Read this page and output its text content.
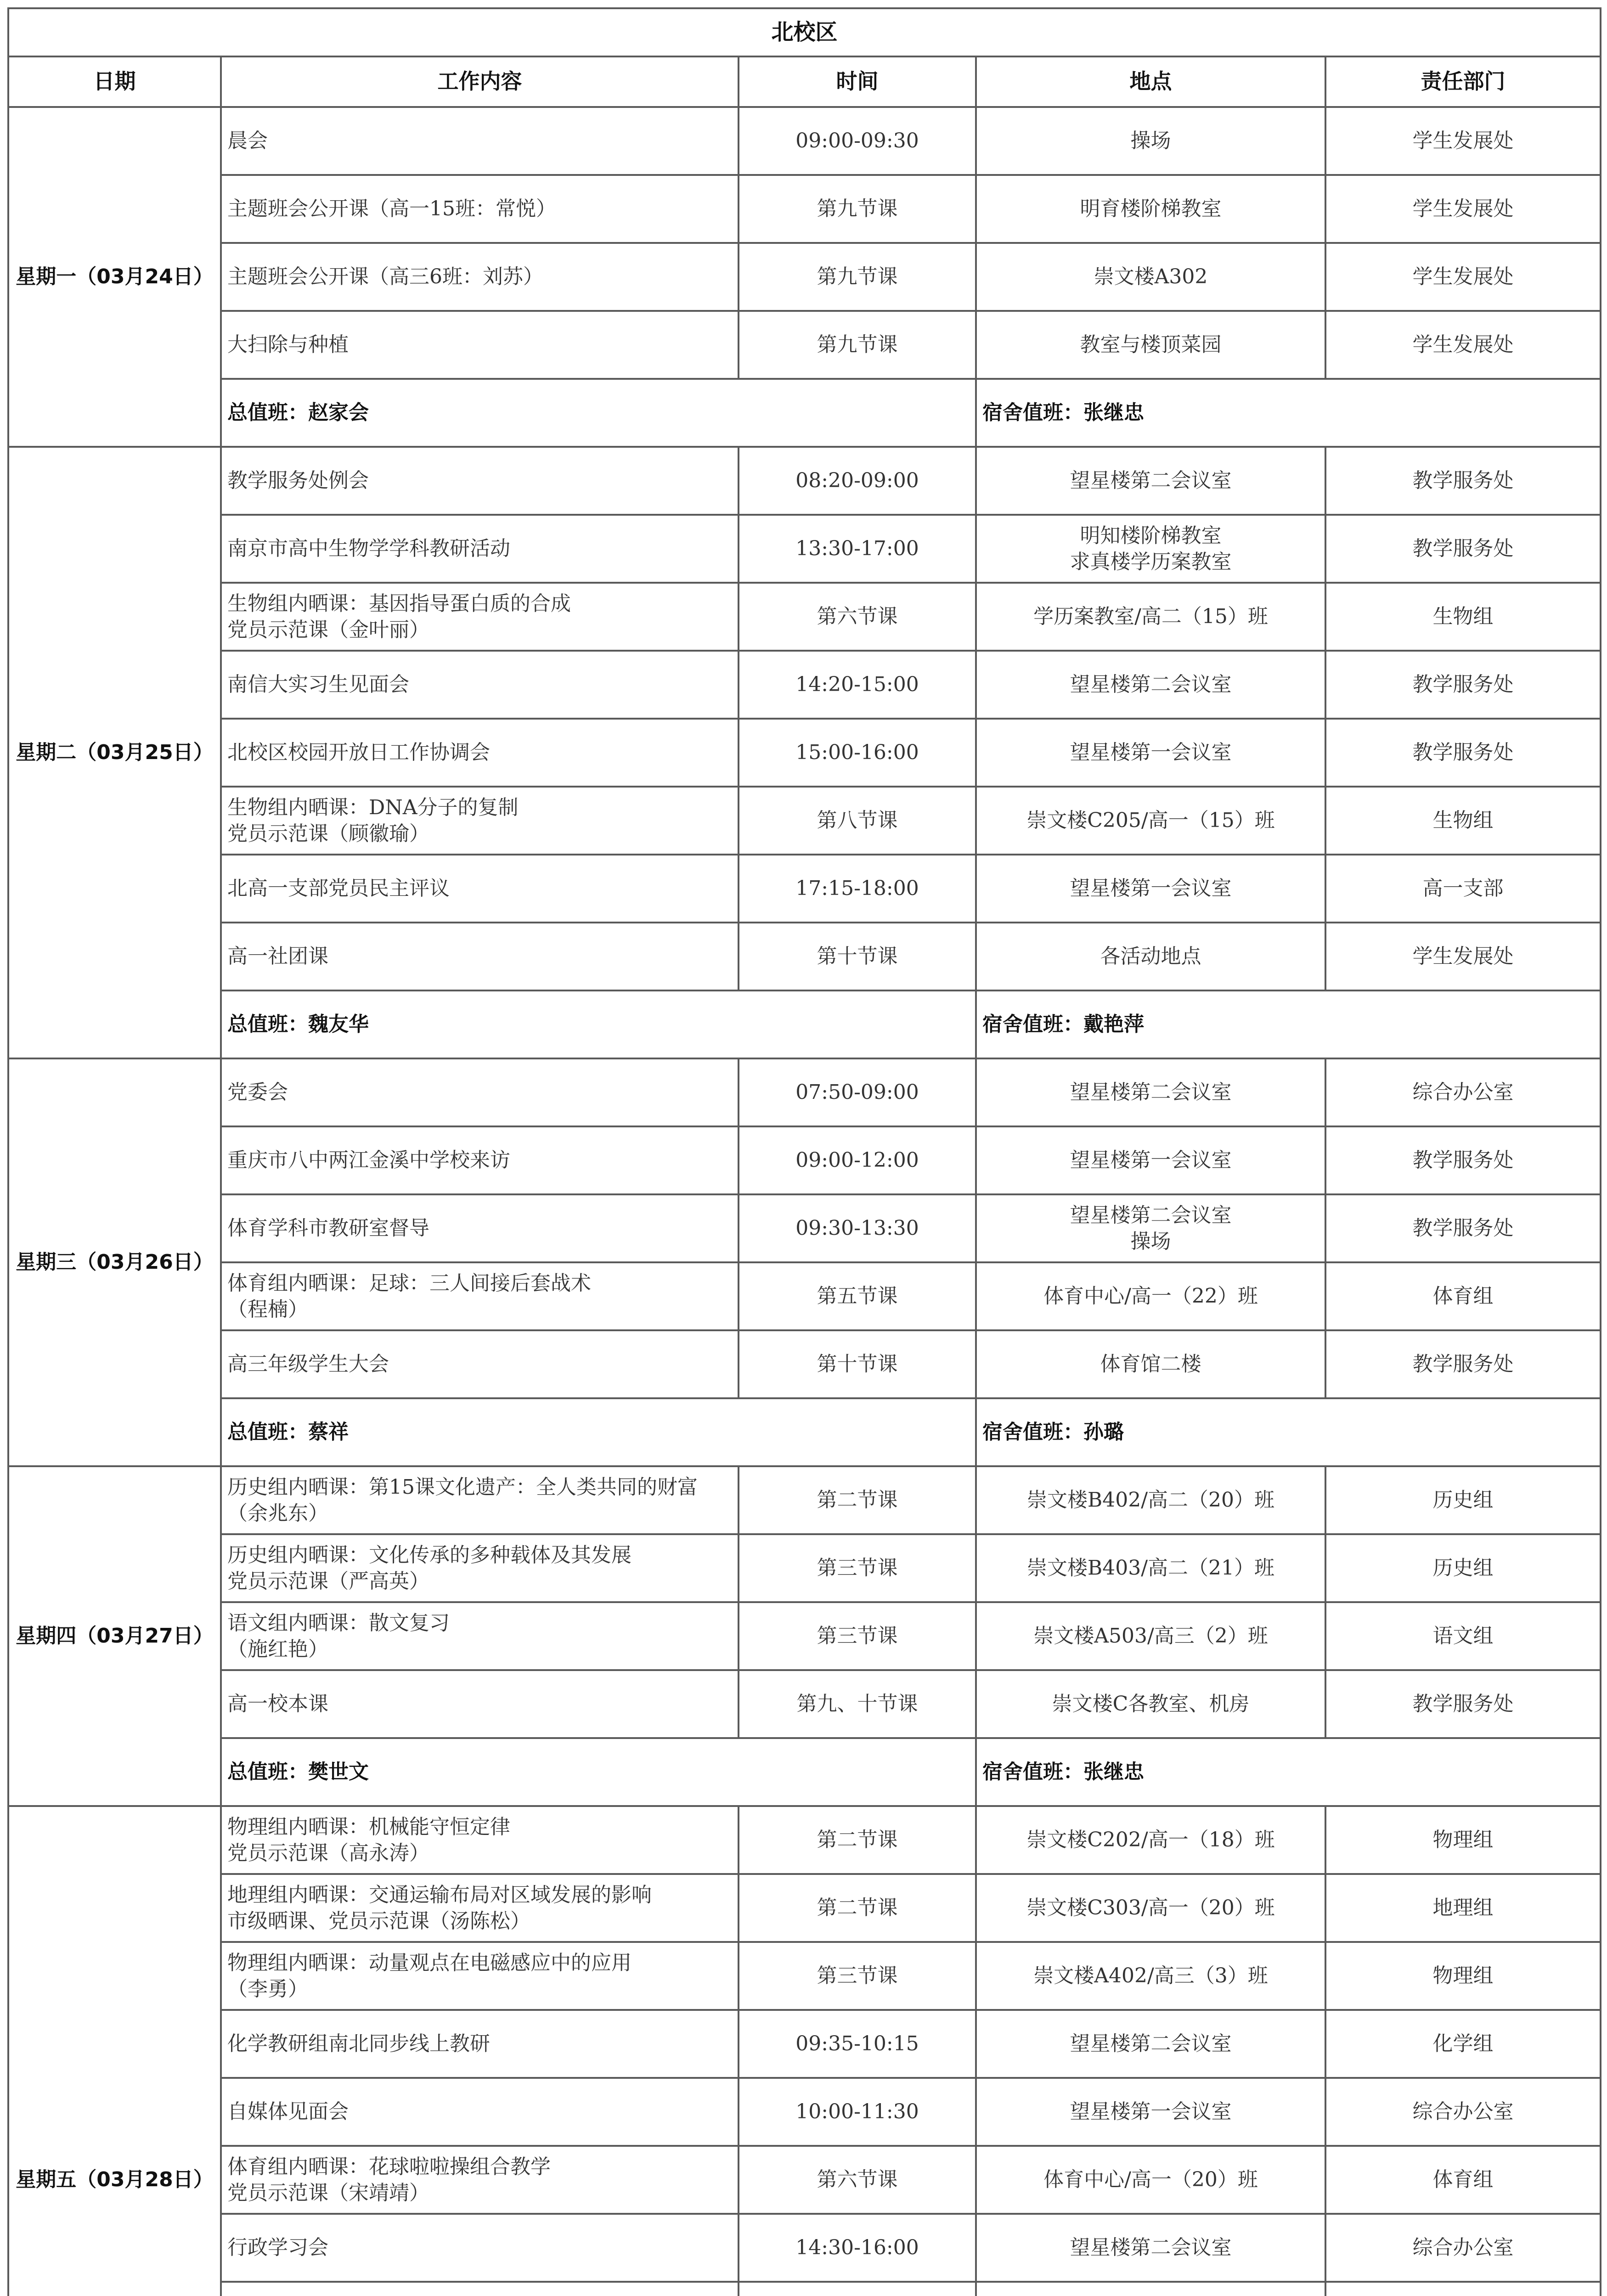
北校区				
日期	工作内容	时间	地点	责任部门
星期一（03月24日）	晨会	09:00-09:30	操场	学生发展处

	主题班会公开课（高一15班：常悦）	第九节课	明育楼阶梯教室	学生发展处

	主题班会公开课（高三6班：刘苏）	第九节课	崇文楼A302	学生发展处

	大扫除与种植	第九节课	教室与楼顶菜园	学生发展处
	总值班：赵家会		宿舍值班：张继忠	
星期二（03月25日）	教学服务处例会	08:20-09:00	望星楼第二会议室	教学服务处

	南京市高中生物学学科教研活动	13:30-17:00	明知楼阶梯教室
求真楼学历案教室	教学服务处

	生物组内晒课：基因指导蛋白质的合成
党员示范课（金叶丽）	第六节课	学历案教室/高二（15）班	生物组

	南信大实习生见面会	14:20-15:00	望星楼第二会议室	教学服务处

	北校区校园开放日工作协调会	15:00-16:00	望星楼第一会议室	教学服务处

	生物组内晒课：DNA分子的复制
党员示范课（顾徽瑜）	第八节课	崇文楼C205/高一（15）班	生物组

	北高一支部党员民主评议	17:15-18:00	望星楼第一会议室	高一支部

	高一社团课	第十节课	各活动地点	学生发展处
	总值班：魏友华		宿舍值班：戴艳萍	
星期三（03月26日）	党委会	07:50-09:00	望星楼第二会议室	综合办公室

	重庆市八中两江金溪中学校来访	09:00-12:00	望星楼第一会议室	教学服务处

	体育学科市教研室督导	09:30-13:30	望星楼第二会议室
操场	教学服务处

	体育组内晒课：足球：三人间接后套战术
（程楠）	第五节课	体育中心/高一（22）班	体育组

	高三年级学生大会	第十节课	体育馆二楼	教学服务处
	总值班：蔡祥		宿舍值班：孙璐	
星期四（03月27日）	历史组内晒课：第15课文化遗产：全人类共同的财富
（余兆东）	第二节课	崇文楼B402/高二（20）班	历史组

	历史组内晒课：文化传承的多种载体及其发展
党员示范课（严高英）	第三节课	崇文楼B403/高二（21）班	历史组

	语文组内晒课：散文复习
（施红艳）	第三节课	崇文楼A503/高三（2）班	语文组

	高一校本课	第九、十节课	崇文楼C各教室、机房	教学服务处
	总值班：樊世文		宿舍值班：张继忠	
星期五（03月28日）	物理组内晒课：机械能守恒定律
党员示范课（高永涛）	第二节课	崇文楼C202/高一（18）班	物理组

	地理组内晒课：交通运输布局对区域发展的影响
市级晒课、党员示范课（汤陈松）	第二节课	崇文楼C303/高一（20）班	地理组

	物理组内晒课：动量观点在电磁感应中的应用
（李勇）	第三节课	崇文楼A402/高三（3）班	物理组

	化学教研组南北同步线上教研	09:35-10:15	望星楼第二会议室	化学组

	自媒体见面会	10:00-11:30	望星楼第一会议室	综合办公室

	体育组内晒课：花球啦啦操组合教学
党员示范课（宋靖靖）	第六节课	体育中心/高一（20）班	体育组

	行政学习会	14:30-16:00	望星楼第二会议室	综合办公室
